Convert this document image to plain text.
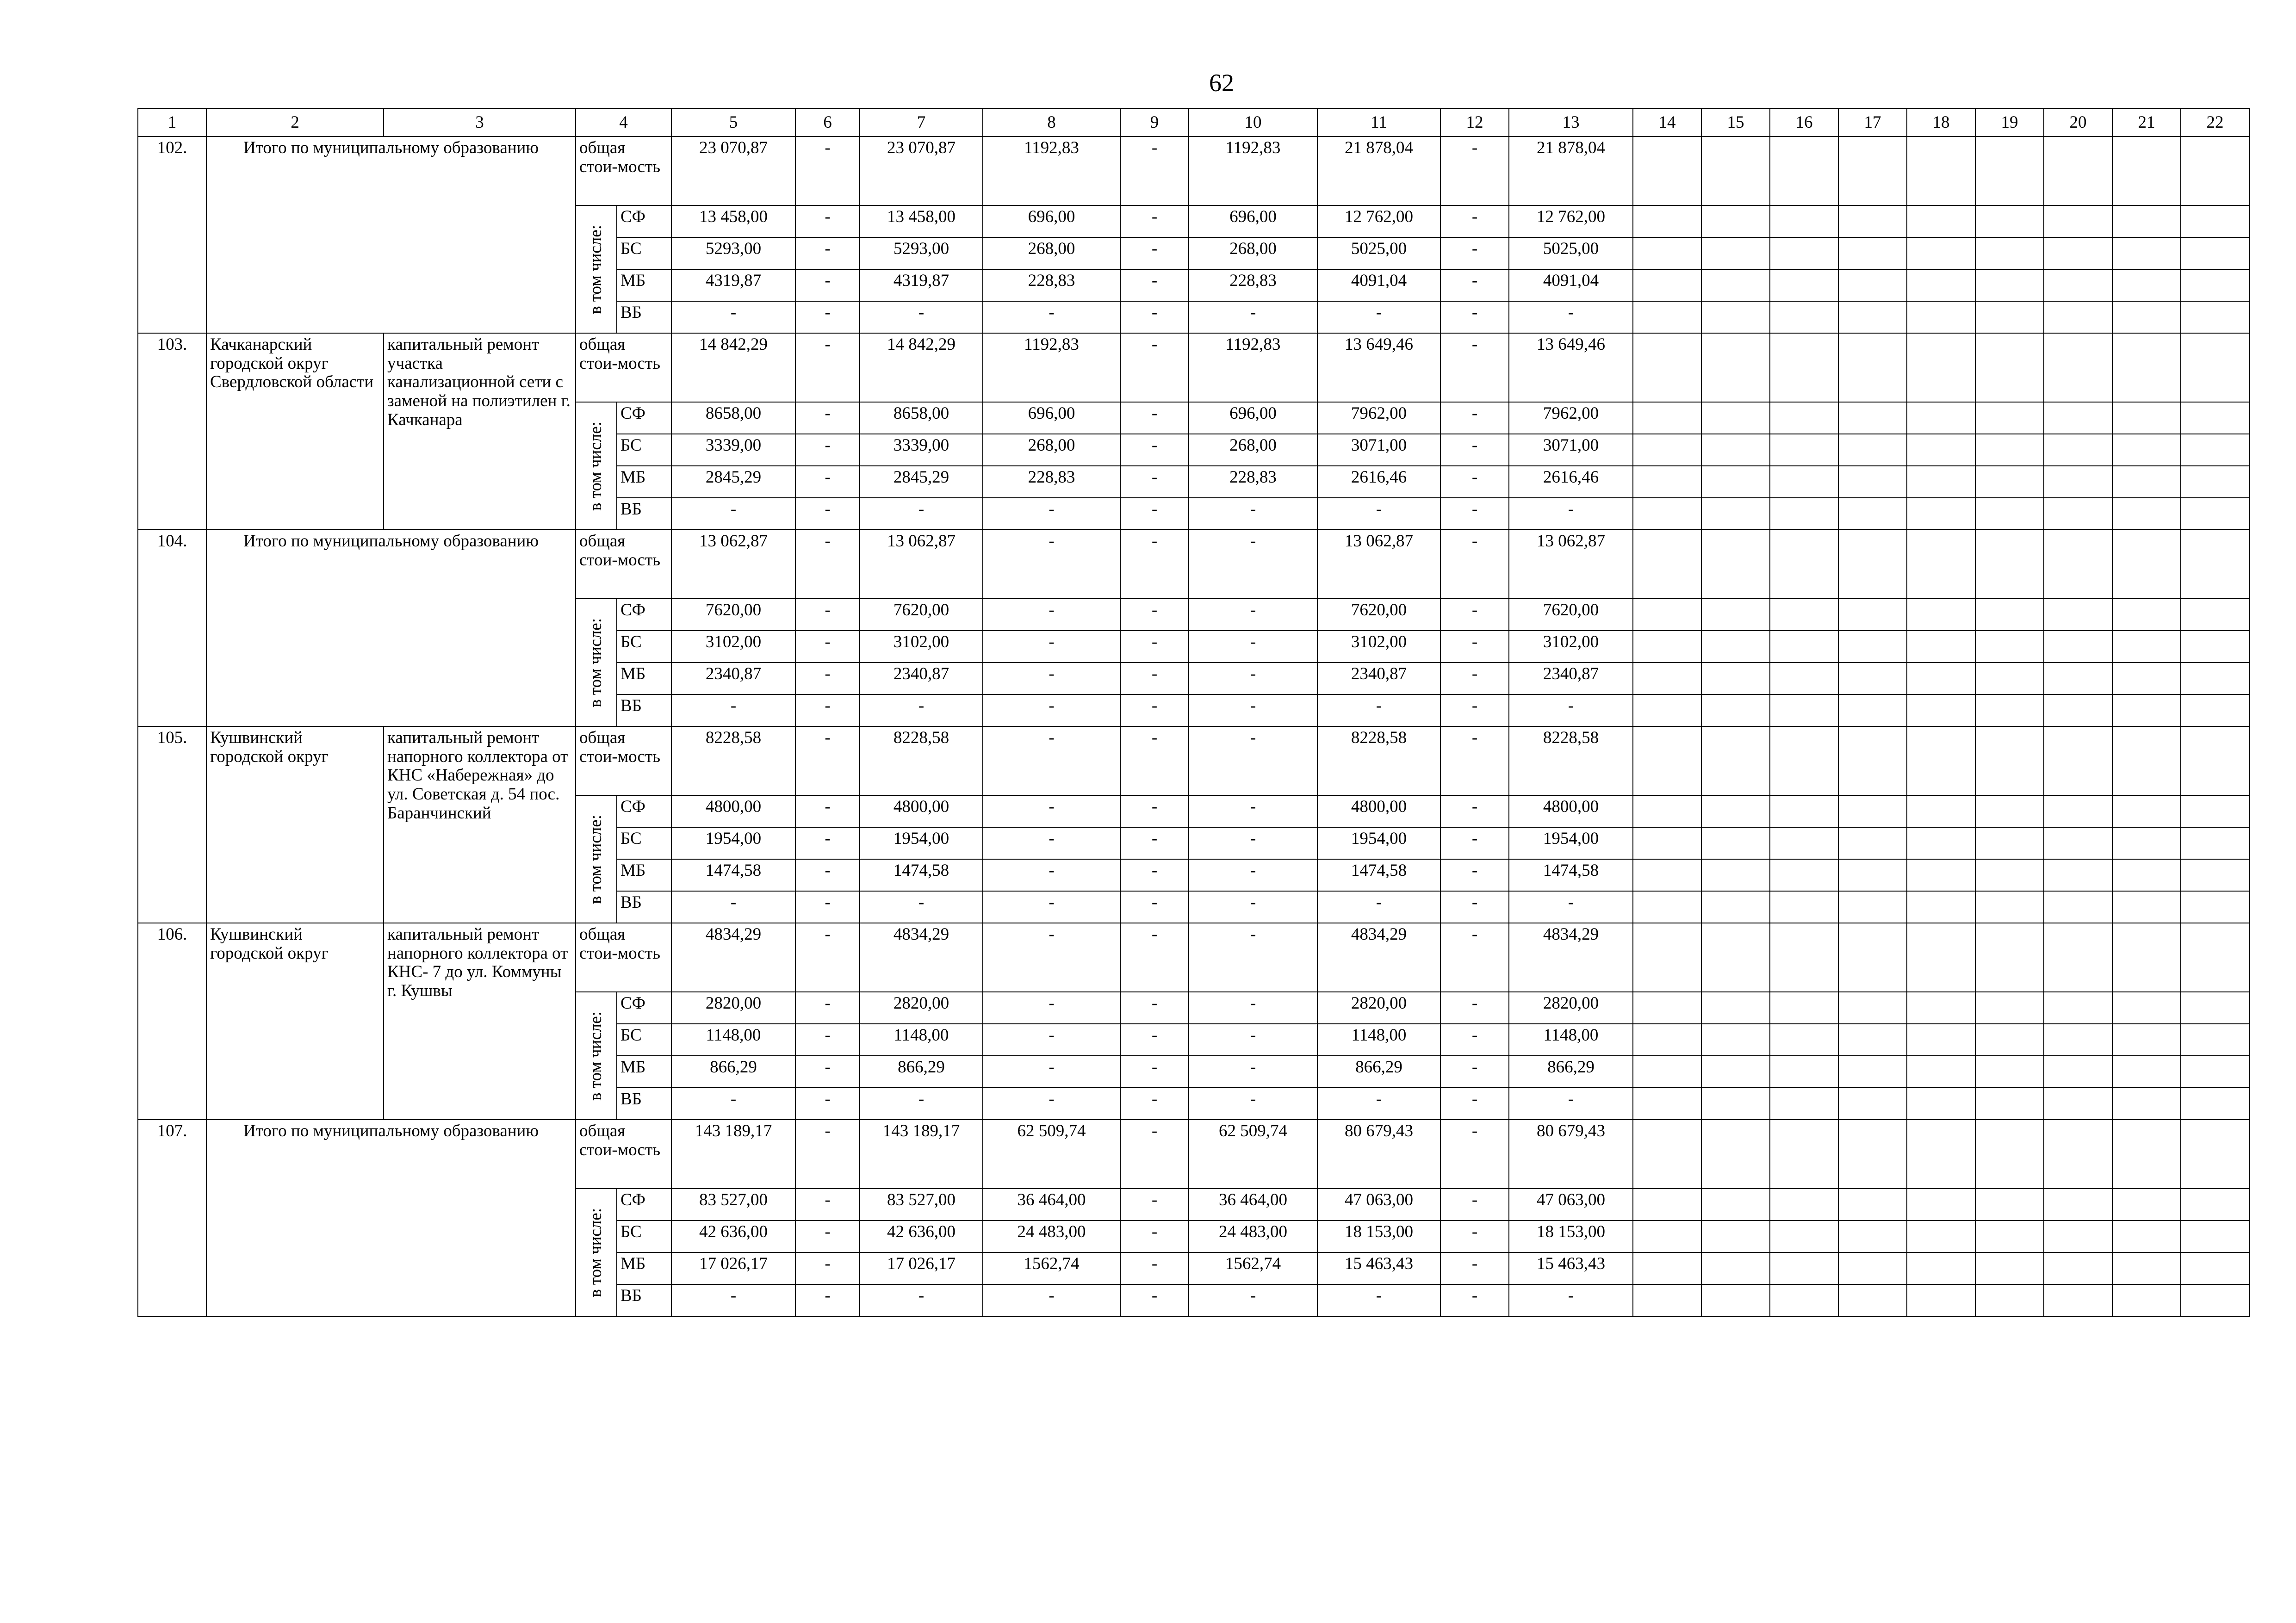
62
1	2	3	4		5	6	7	8	9	10	11	12	13	14	15	16	17	18	19	20	21	22
102.	Итого по муниципальному образованию		общая стои-мость		23 070,87	-	23 070,87	1192,83	-	1192,83	21 878,04	-	21 878,04									

			в том числе:	СФ	13 458,00	-	13 458,00	696,00	-	696,00	12 762,00	-	12 762,00									
				БС	5293,00	-	5293,00	268,00	-	268,00	5025,00	-	5025,00									
				МБ	4319,87	-	4319,87	228,83	-	228,83	4091,04	-	4091,04									
				ВБ	-	-	-	-	-	-	-	-	-									
103.	Качканарский городской округ Свердловской области	капитальный ремонт участка канализационной сети с заменой на полиэтилен г. Качканара	общая стои-мость		14 842,29	-	14 842,29	1192,83	-	1192,83	13 649,46	-	13 649,46									

			в том числе:	СФ	8658,00	-	8658,00	696,00	-	696,00	7962,00	-	7962,00									
				БС	3339,00	-	3339,00	268,00	-	268,00	3071,00	-	3071,00									
				МБ	2845,29	-	2845,29	228,83	-	228,83	2616,46	-	2616,46									
				ВБ	-	-	-	-	-	-	-	-	-									
104.	Итого по муниципальному образованию		общая стои-мость		13 062,87	-	13 062,87	-	-	-	13 062,87	-	13 062,87									

			в том числе:	СФ	7620,00	-	7620,00	-	-	-	7620,00	-	7620,00									
				БС	3102,00	-	3102,00	-	-	-	3102,00	-	3102,00									
				МБ	2340,87	-	2340,87	-	-	-	2340,87	-	2340,87									
				ВБ	-	-	-	-	-	-	-	-	-									
105.	Кушвинский городской округ	капитальный ремонт напорного коллектора от КНС «Набережная» до ул. Советская д. 54 пос. Баранчинский	общая стои-мость		8228,58	-	8228,58	-	-	-	8228,58	-	8228,58									

			в том числе:	СФ	4800,00	-	4800,00	-	-	-	4800,00	-	4800,00									
				БС	1954,00	-	1954,00	-	-	-	1954,00	-	1954,00									
				МБ	1474,58	-	1474,58	-	-	-	1474,58	-	1474,58									
				ВБ	-	-	-	-	-	-	-	-	-									
106.	Кушвинский городской округ	капитальный ремонт напорного коллектора от КНС- 7 до ул. Коммуны г. Кушвы	общая стои-мость		4834,29	-	4834,29	-	-	-	4834,29	-	4834,29									

			в том числе:	СФ	2820,00	-	2820,00	-	-	-	2820,00	-	2820,00									
				БС	1148,00	-	1148,00	-	-	-	1148,00	-	1148,00									
				МБ	866,29	-	866,29	-	-	-	866,29	-	866,29									
				ВБ	-	-	-	-	-	-	-	-	-									
107.	Итого по муниципальному образованию		общая стои-мость		143 189,17	-	143 189,17	62 509,74	-	62 509,74	80 679,43	-	80 679,43									

			в том числе:	СФ	83 527,00	-	83 527,00	36 464,00	-	36 464,00	47 063,00	-	47 063,00									
				БС	42 636,00	-	42 636,00	24 483,00	-	24 483,00	18 153,00	-	18 153,00									
				МБ	17 026,17	-	17 026,17	1562,74	-	1562,74	15 463,43	-	15 463,43									
				ВБ	-	-	-	-	-	-	-	-	-									
